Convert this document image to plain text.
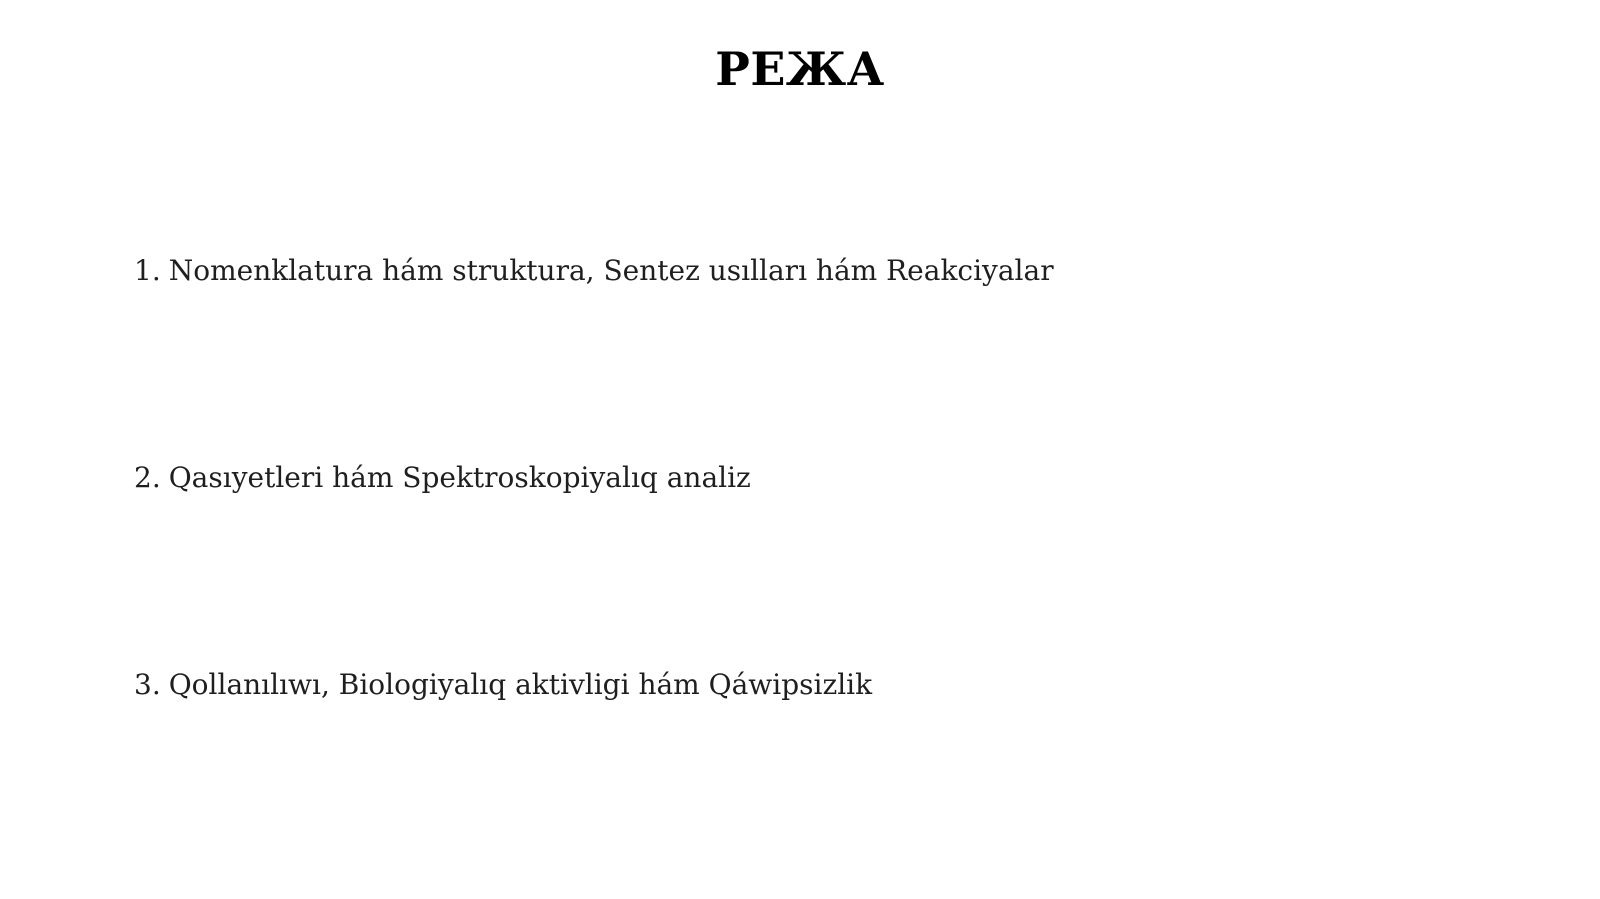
РЕЖА
1. Nomenklatura hám struktura, Sentez usılları hám Reakciyalar
2. Qasıyetleri hám Spektroskopiyalıq analiz
3. Qollanılıwı, Biologiyalıq aktivligi hám Qáwipsizlik
